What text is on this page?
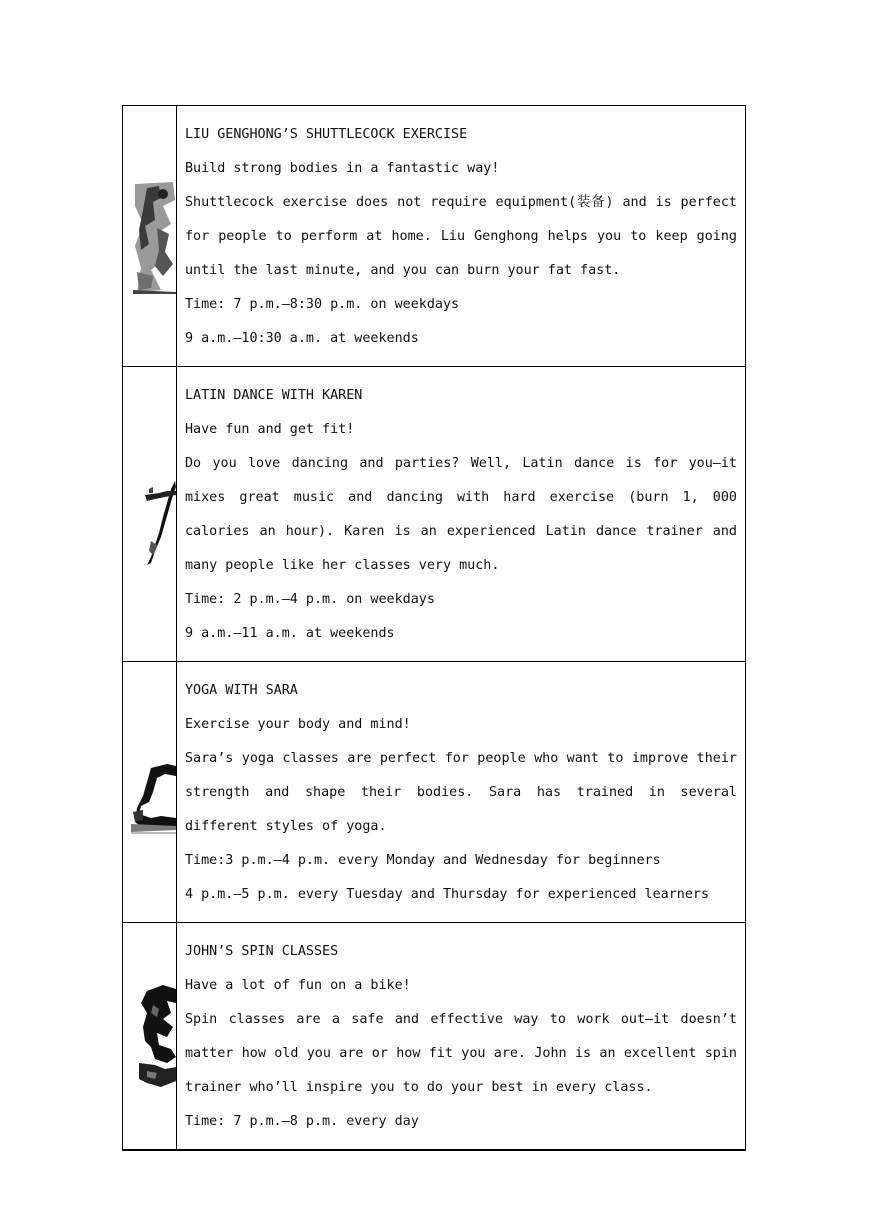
LIU GENGHONG’S SHUTTLECOCK EXERCISE
Build strong bodies in a fantastic way!

Shuttlecock exercise does not require equipment(装备) and is perfect for people to perform at home. Liu Genghong helps you to keep going until the last minute, and you can burn your fat fast.

Time: 7 p.m.—8:30 p.m. on weekdays
9 a.m.—10:30 a.m. at weekends

LATIN DANCE WITH KAREN
Have fun and get fit!

Do you love dancing and parties? Well, Latin dance is for you—it mixes great music and dancing with hard exercise (burn 1, 000 calories an hour). Karen is an experienced Latin dance trainer and many people like her classes very much.

Time: 2 p.m.—4 p.m. on weekdays
9 a.m.—11 a.m. at weekends

YOGA WITH SARA
Exercise your body and mind!

Sara’s yoga classes are perfect for people who want to improve their strength and shape their bodies. Sara has trained in several different styles of yoga.

Time:3 p.m.—4 p.m. every Monday and Wednesday for beginners
4 p.m.—5 p.m. every Tuesday and Thursday for experienced learners

JOHN’S SPIN CLASSES
Have a lot of fun on a bike!

Spin classes are a safe and effective way to work out—it doesn’t matter how old you are or how fit you are. John is an excellent spin trainer who’ll inspire you to do your best in every class.

Time: 7 p.m.—8 p.m. every day
